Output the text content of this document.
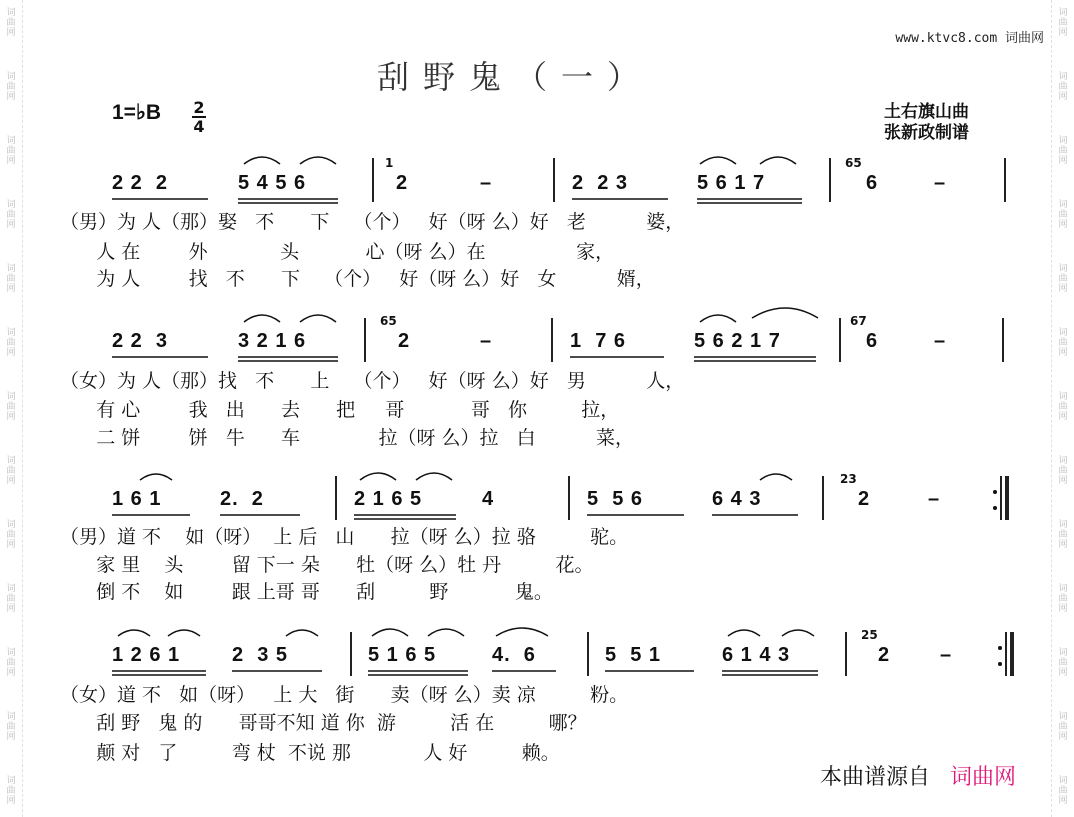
词
曲
网
词
曲
网
词
曲
网
词
曲
网
词
曲
网
词
曲
网
词
曲
网
词
曲
网
词
曲
网
词
曲
网
词
曲
网
词
曲
网
词
曲
网
词
曲
网
词
曲
网
词
曲
网
词
曲
网
词
曲
网
词
曲
网
词
曲
网
词
曲
网
词
曲
网
词
曲
网
词
曲
网
词
曲
网
词
曲
网
www.ktvc8.com 词曲网
刮野鬼（一）
1=♭B 2
4
土右旗山曲
张新政制谱
2 2  2	5 4 5 6
1
2	–	2  2 3	5 6 1 7
65
6	–
（男）为 人（那）娶   不      下    （个）   好（呀 么）好   老          婆，
人 在        外            头           心（呀 么）在               家，
为 人        找   不      下    （个）   好（呀 么）好   女          婿，
2 2  3	3 2 1 6
65
2	–	1  7 6	5 6 2 1 7
67
6	–
（女）为 人（那）找   不      上    （个）   好（呀 么）好   男          人，
有 心        我   出      去      把     哥           哥   你         拉，
二 饼        饼   牛      车             拉（呀 么）拉   白          菜，
1 6 1	2.  2	2 1 6 5	4	5  5 6	6 4 3
23
2	–
（男）道 不    如（呀）  上 后   山      拉（呀 么）拉 骆         驼。
家 里    头        留 下一 朵      牡（呀 么）牡 丹         花。
倒 不    如        跟 上哥 哥      刮         野           鬼。
1 2 6 1	2  3 5	5 1 6 5	4.  6	5  5 1	6 1 4 3
25
2 –
（女）道 不   如（呀）   上 大   街      卖（呀 么）卖 凉         粉。
刮 野   鬼 的      哥哥不知 道 你  游         活 在         哪？
颠 对   了         弯 杖  不说 那            人 好         赖。
本曲谱源自 词曲网
